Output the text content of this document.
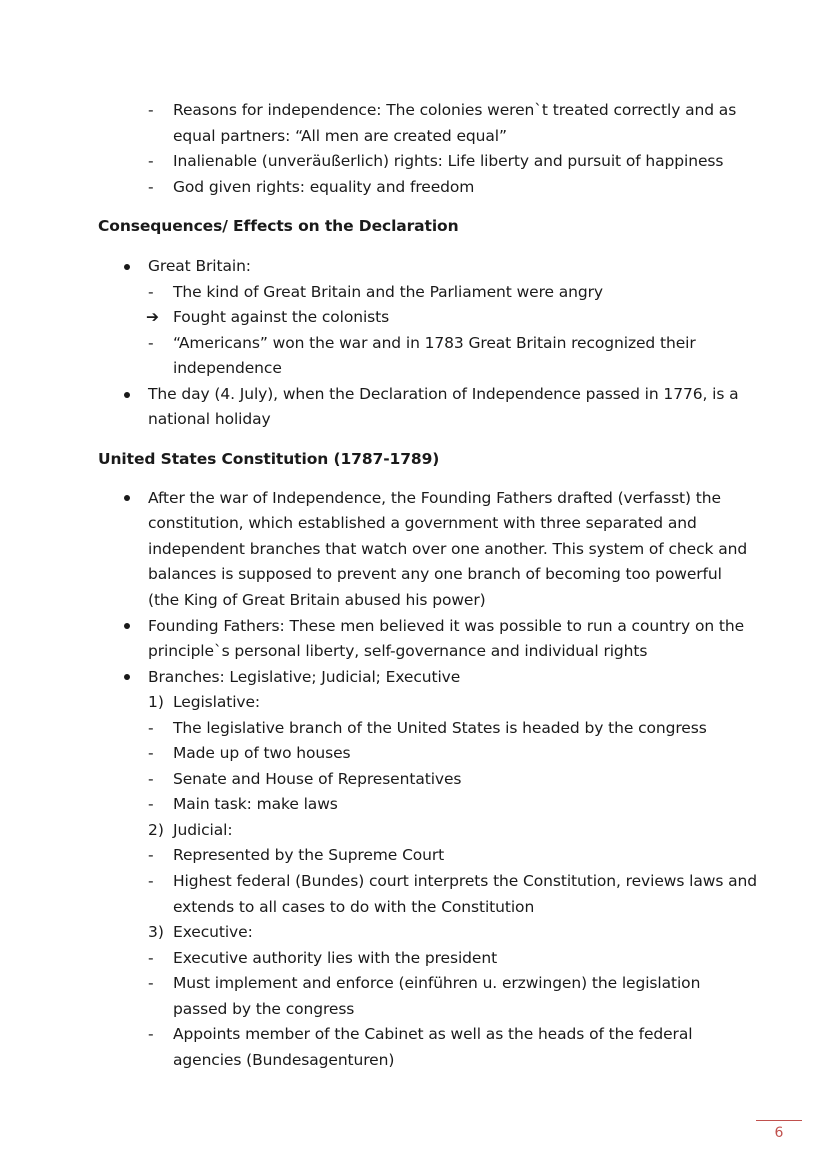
- Reasons for independence: The colonies weren`t treated correctly and as
equal partners: “All men are created equal”
- Inalienable (unveräußerlich) rights: Life liberty and pursuit of happiness
- God given rights: equality and freedom
Consequences/ Effects on the Declaration
Great Britain:
- The kind of Great Britain and the Parliament were angry
➔ Fought against the colonists
- “Americans” won the war and in 1783 Great Britain recognized their
independence
The day (4. July), when the Declaration of Independence passed in 1776, is a
national holiday
United States Constitution (1787-1789)
After the war of Independence, the Founding Fathers drafted (verfasst) the
constitution, which established a government with three separated and
independent branches that watch over one another. This system of check and
balances is supposed to prevent any one branch of becoming too powerful
(the King of Great Britain abused his power)
Founding Fathers: These men believed it was possible to run a country on the
principle`s personal liberty, self-governance and individual rights
Branches: Legislative; Judicial; Executive
1) Legislative:
- The legislative branch of the United States is headed by the congress
- Made up of two houses
- Senate and House of Representatives
- Main task: make laws
2) Judicial:
- Represented by the Supreme Court
- Highest federal (Bundes) court interprets the Constitution, reviews laws and
extends to all cases to do with the Constitution
3) Executive:
- Executive authority lies with the president
- Must implement and enforce (einführen u. erzwingen) the legislation
passed by the congress
- Appoints member of the Cabinet as well as the heads of the federal
agencies (Bundesagenturen)
6
